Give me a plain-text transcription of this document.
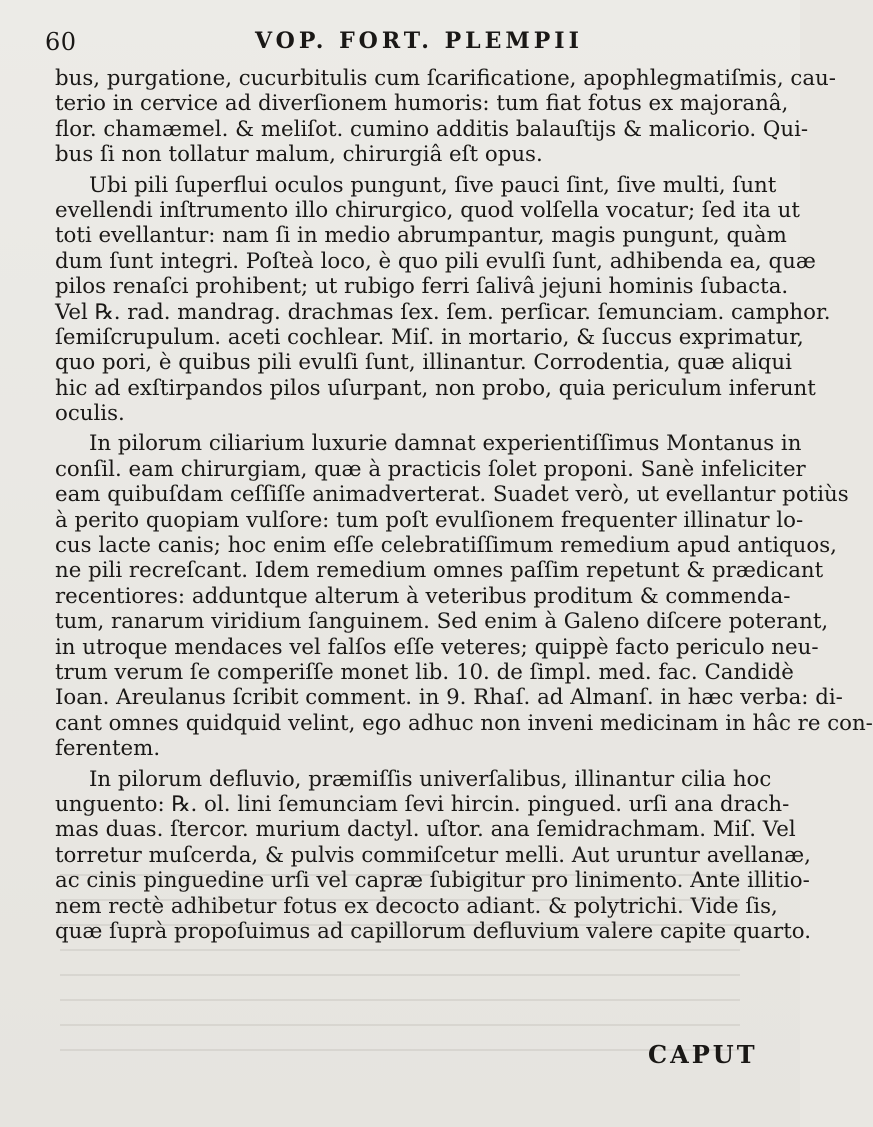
60	VOP. FORT. PLEMPII
bus, purgatione, cucurbitulis cum ſcarificatione, apophlegmatiſmis, cau-
terio in cervice ad diverſionem humoris: tum fiat fotus ex majoranâ,
flor. chamæmel. & meliſot. cumino additis balauſtijs & malicorio. Qui-
bus ſi non tollatur malum, chirurgiâ eſt opus.
Ubi pili ſuperflui oculos pungunt, ſive pauci ſint, ſive multi, ſunt
evellendi inſtrumento illo chirurgico, quod volſella vocatur; ſed ita ut
toti evellantur: nam ſi in medio abrumpantur, magis pungunt, quàm
dum ſunt integri. Poſteà loco, è quo pili evulſi ſunt, adhibenda ea, quæ
pilos renaſci prohibent; ut rubigo ferri ſalivâ jejuni hominis ſubacta.
Vel ℞. rad. mandrag. drachmas ſex. ſem. perſicar. ſemunciam. camphor.
ſemiſcrupulum. aceti cochlear. Miſ. in mortario, & ſuccus exprimatur,
quo pori, è quibus pili evulſi ſunt, illinantur. Corrodentia, quæ aliqui
hic ad exſtirpandos pilos uſurpant, non probo, quia periculum inferunt
oculis.
In pilorum ciliarium luxurie damnat experientiſſimus Montanus in
conſil. eam chirurgiam, quæ à practicis ſolet proponi. Sanè infeliciter
eam quibuſdam ceſſiſſe animadverterat. Suadet verò, ut evellantur potiùs
à perito quopiam vulſore: tum poſt evulſionem frequenter illinatur lo-
cus lacte canis; hoc enim eſſe celebratiſſimum remedium apud antiquos,
ne pili recreſcant. Idem remedium omnes paſſim repetunt & prædicant
recentiores: adduntque alterum à veteribus proditum & commenda-
tum, ranarum viridium ſanguinem. Sed enim à Galeno diſcere poterant,
in utroque mendaces vel falſos eſſe veteres; quippè facto periculo neu-
trum verum ſe comperiſſe monet lib. 10. de ſimpl. med. fac. Candidè
Ioan. Areulanus ſcribit comment. in 9. Rhaſ. ad Almanſ. in hæc verba: di-
cant omnes quidquid velint, ego adhuc non inveni medicinam in hâc re con-
ferentem.
In pilorum defluvio, præmiſſis univerſalibus, illinantur cilia hoc
unguento: ℞. ol. lini ſemunciam ſevi hircin. pingued. urſi ana drach-
mas duas. ſtercor. murium dactyl. uſtor. ana ſemidrachmam. Miſ. Vel
torretur muſcerda, & pulvis commiſcetur melli. Aut uruntur avellanæ,
ac cinis pinguedine urſi vel capræ ſubigitur pro linimento. Ante illitio-
nem rectè adhibetur fotus ex decocto adiant. & polytrichi. Vide ſis,
quæ ſuprà propoſuimus ad capillorum defluvium valere capite quarto.
CAPUT
